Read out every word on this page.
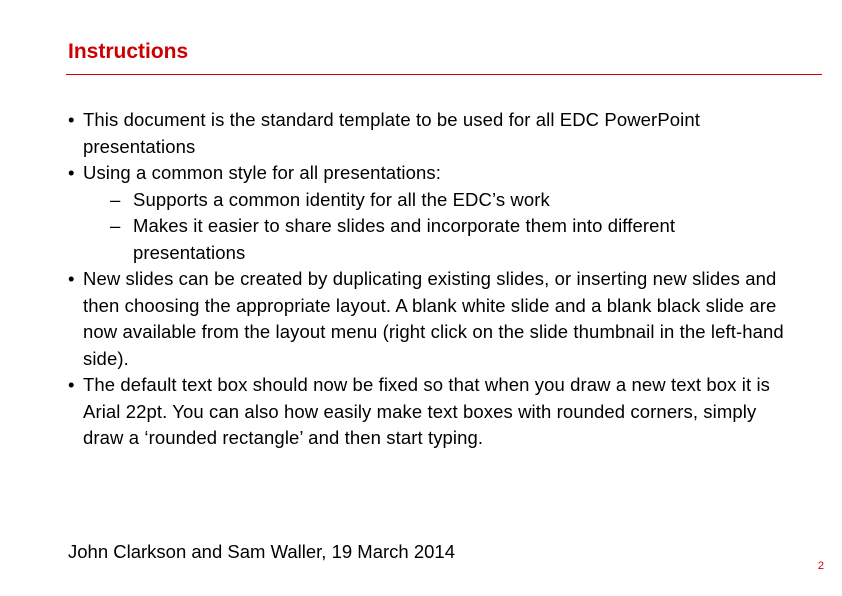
Instructions
• This document is the standard template to be used for all EDC PowerPoint presentations
• Using a common style for all presentations:
– Supports a common identity for all the EDC’s work
– Makes it easier to share slides and incorporate them into different presentations
• New slides can be created by duplicating existing slides, or inserting new slides and then choosing the appropriate layout. A blank white slide and a blank black slide are now available from the layout menu (right click on the slide thumbnail in the left-hand side).
• The default text box should now be fixed so that when you draw a new text box it is Arial 22pt. You can also how easily make text boxes with rounded corners, simply draw a ‘rounded rectangle’ and then start typing.
John Clarkson and Sam Waller, 19 March 2014
2
